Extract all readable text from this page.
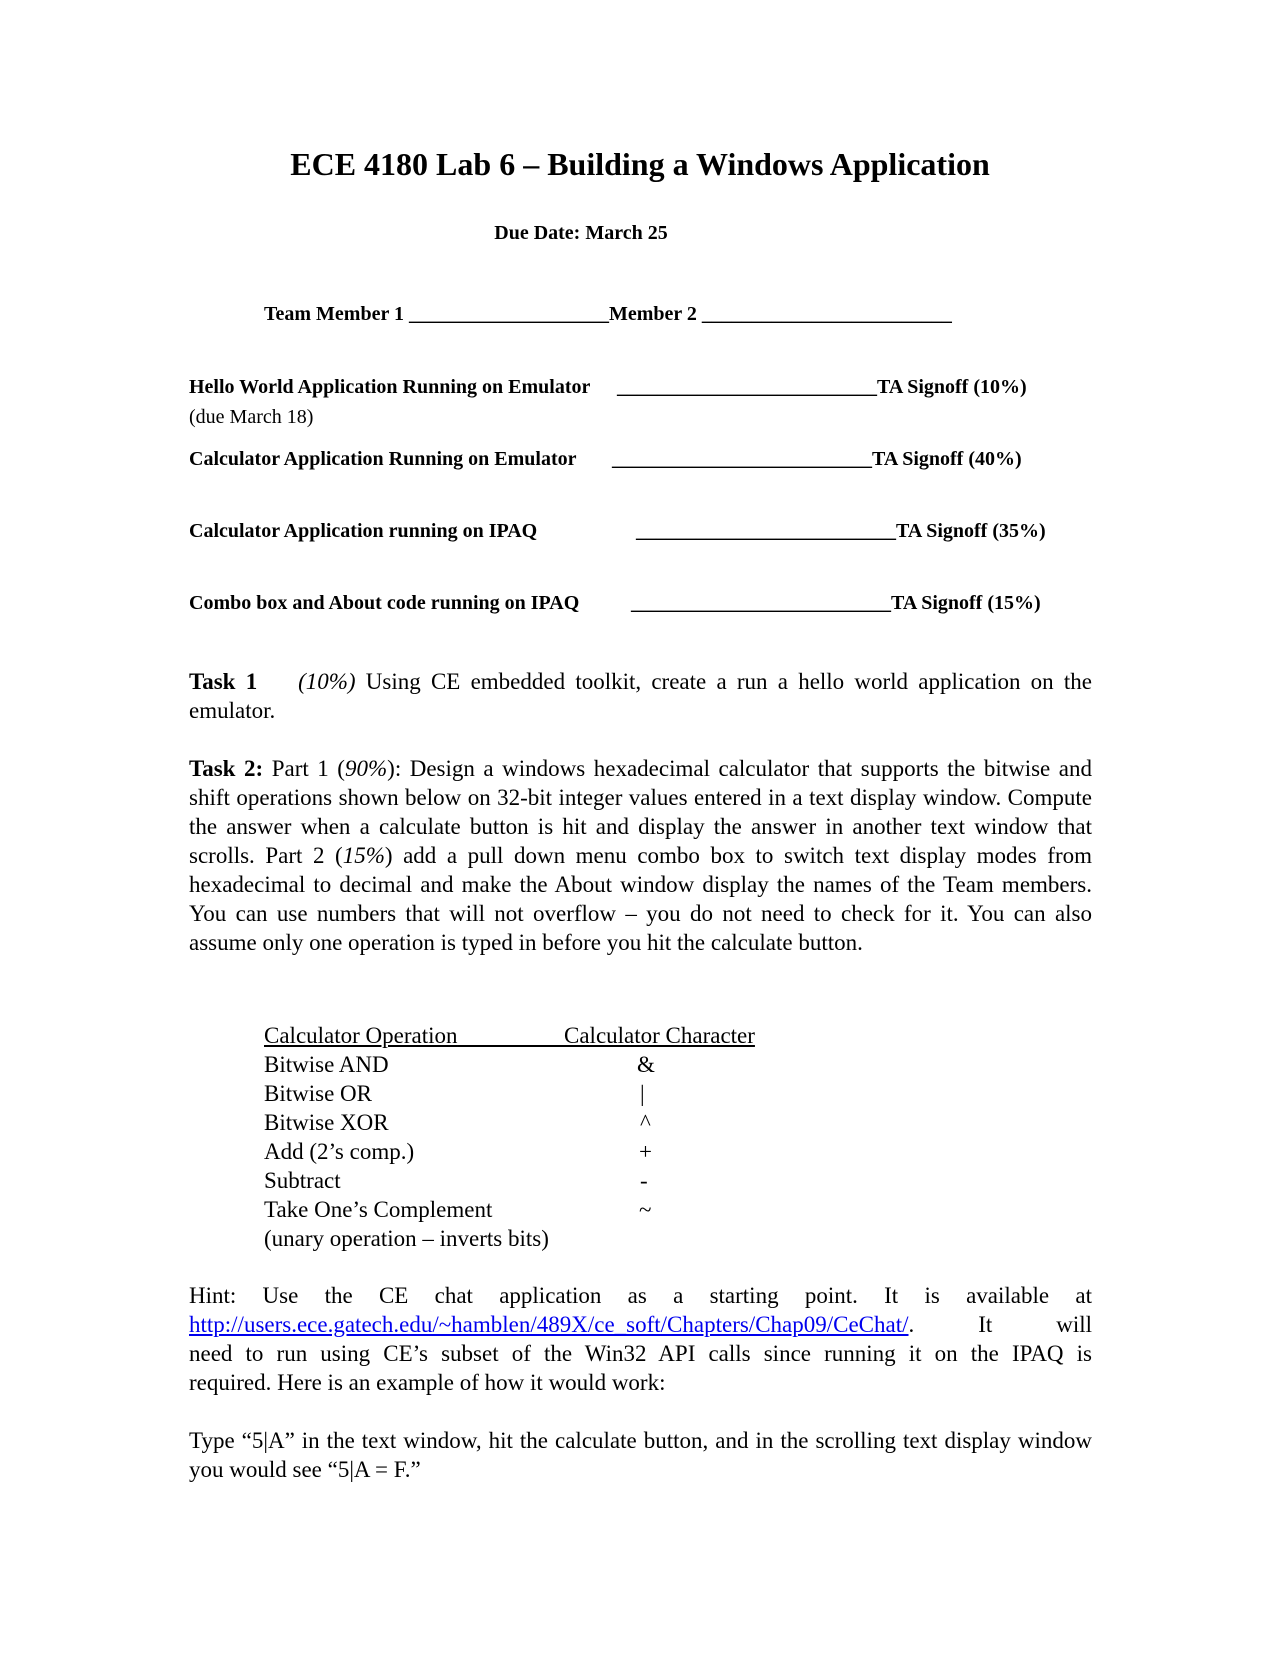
ECE 4180 Lab 6 – Building a Windows Application
Due Date: March 25
Team Member 1 ____________________Member 2 _________________________
Hello World Application Running on Emulator __________________________TA Signoff (10%)
(due March 18)
Calculator Application Running on Emulator __________________________TA Signoff (40%)
Calculator Application running on IPAQ	__________________________TA Signoff (35%)
Combo box and About code running on IPAQ	__________________________TA Signoff (15%)
Task 1 (10%) Using CE embedded toolkit, create a run a hello world application on the emulator.
Task 2: Part 1 (90%): Design a windows hexadecimal calculator that supports the bitwise and shift operations shown below on 32-bit integer values entered in a text display window. Compute the answer when a calculate button is hit and display the answer in another text window that scrolls. Part 2 (15%) add a pull down menu combo box to switch text display modes from hexadecimal to decimal and make the About window display the names of the Team members. You can use numbers that will not overflow – you do not need to check for it. You can also assume only one operation is typed in before you hit the calculate button.
Calculator Operation	Calculator Character
Bitwise AND	&
Bitwise OR	|
Bitwise XOR	^
Add (2’s comp.)	+
Subtract	-
Take One’s Complement	~
(unary operation – inverts bits)
Hint: Use the CE chat application as a starting point. It is available at
http://users.ece.gatech.edu/~hamblen/489X/ce_soft/Chapters/Chap09/CeChat/.	It	will
need to run using CE’s subset of the Win32 API calls since running it on the IPAQ is
required. Here is an example of how it would work:
Type “5|A” in the text window, hit the calculate button, and in the scrolling text display window you would see “5|A = F.”
